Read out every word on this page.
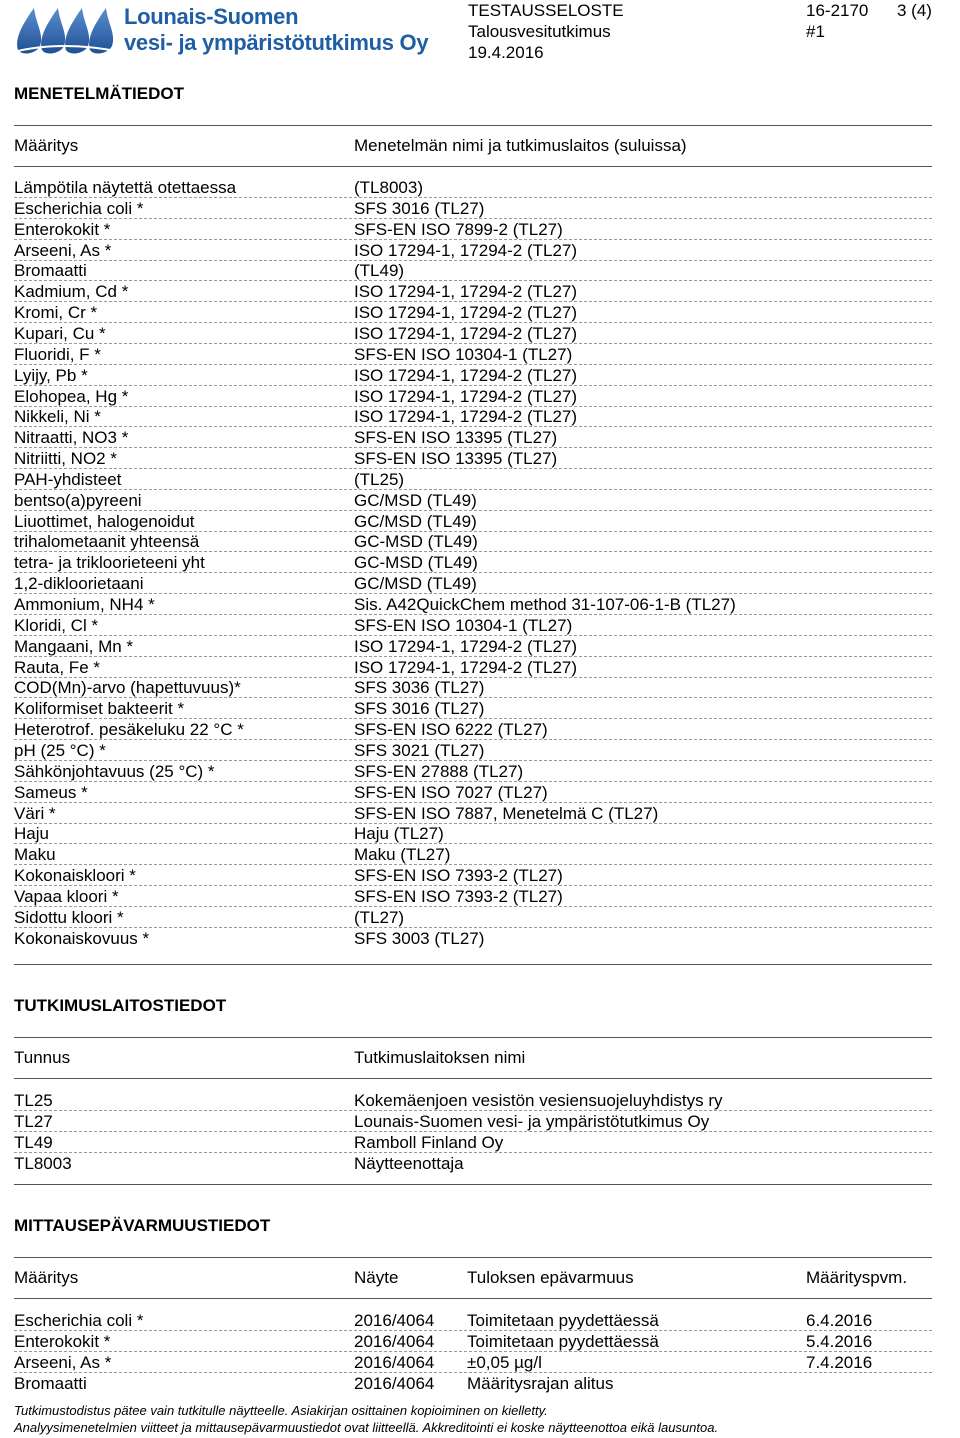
Lounais-Suomen
vesi- ja ympäristötutkimus Oy
TESTAUSSELOSTE
Talousvesitutkimus
19.4.2016
16-2170
#1
3 (4)
MENETELMÄTIEDOT
Määritys	Menetelmän nimi ja tutkimuslaitos (suluissa)
Lämpötila näytettä otettaessa	(TL8003)
Escherichia coli *	SFS 3016 (TL27)
Enterokokit *	SFS-EN ISO 7899-2 (TL27)
Arseeni, As *	ISO 17294-1, 17294-2 (TL27)
Bromaatti	(TL49)
Kadmium, Cd *	ISO 17294-1, 17294-2 (TL27)
Kromi, Cr *	ISO 17294-1, 17294-2 (TL27)
Kupari, Cu *	ISO 17294-1, 17294-2 (TL27)
Fluoridi, F *	SFS-EN ISO 10304-1 (TL27)
Lyijy, Pb *	ISO 17294-1, 17294-2 (TL27)
Elohopea, Hg *	ISO 17294-1, 17294-2 (TL27)
Nikkeli, Ni *	ISO 17294-1, 17294-2 (TL27)
Nitraatti, NO3 *	SFS-EN ISO 13395 (TL27)
Nitriitti, NO2 *	SFS-EN ISO 13395 (TL27)
PAH-yhdisteet	(TL25)
bentso(a)pyreeni	GC/MSD (TL49)
Liuottimet, halogenoidut	GC/MSD (TL49)
trihalometaanit yhteensä	GC-MSD (TL49)
tetra- ja trikloorieteeni yht	GC-MSD (TL49)
1,2-dikloorietaani	GC/MSD (TL49)
Ammonium, NH4 *	Sis. A42QuickChem method 31-107-06-1-B (TL27)
Kloridi, Cl *	SFS-EN ISO 10304-1 (TL27)
Mangaani, Mn *	ISO 17294-1, 17294-2 (TL27)
Rauta, Fe *	ISO 17294-1, 17294-2 (TL27)
COD(Mn)-arvo (hapettuvuus)*	SFS 3036 (TL27)
Koliformiset bakteerit *	SFS 3016 (TL27)
Heterotrof. pesäkeluku 22 °C *	SFS-EN ISO 6222 (TL27)
pH (25 °C) *	SFS 3021 (TL27)
Sähkönjohtavuus (25 °C) *	SFS-EN 27888 (TL27)
Sameus *	SFS-EN ISO 7027 (TL27)
Väri *	SFS-EN ISO 7887, Menetelmä C (TL27)
Haju	Haju (TL27)
Maku	Maku (TL27)
Kokonaiskloori *	SFS-EN ISO 7393-2 (TL27)
Vapaa kloori *	SFS-EN ISO 7393-2 (TL27)
Sidottu kloori *	(TL27)
Kokonaiskovuus *	SFS 3003 (TL27)
TUTKIMUSLAITOSTIEDOT
Tunnus	Tutkimuslaitoksen nimi
TL25	Kokemäenjoen vesistön vesiensuojeluyhdistys ry
TL27	Lounais-Suomen vesi- ja ympäristötutkimus Oy
TL49	Ramboll Finland Oy
TL8003	Näytteenottaja
MITTAUSEPÄVARMUUSTIEDOT
Määritys	Näyte	Tuloksen epävarmuus	Määrityspvm.
Escherichia coli *	2016/4064 Toimitetaan pyydettäessä	6.4.2016
Enterokokit *	2016/4064 Toimitetaan pyydettäessä	5.4.2016
Arseeni, As *	2016/4064 ±0,05 µg/l	7.4.2016
Bromaatti	2016/4064 Määritysrajan alitus
Tutkimustodistus pätee vain tutkitulle näytteelle. Asiakirjan osittainen kopioiminen on kielletty.
Analyysimenetelmien viitteet ja mittausepävarmuustiedot ovat liitteellä. Akkreditointi ei koske näytteenottoa eikä lausuntoa.
